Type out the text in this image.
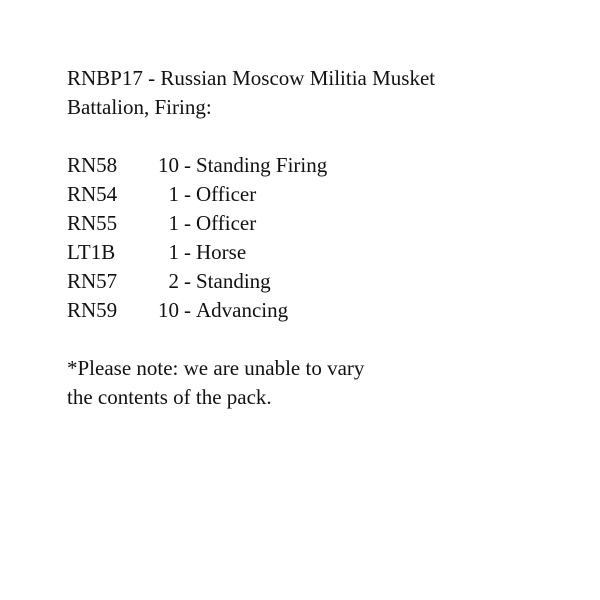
RNBP17 - Russian Moscow Militia Musket
Battalion, Firing:
RN58	10 - Standing Firing
RN54	1 - Officer
RN55	1 - Officer
LT1B	1 - Horse
RN57	2 - Standing
RN59	10 - Advancing
*Please note: we are unable to vary
the contents of the pack.
